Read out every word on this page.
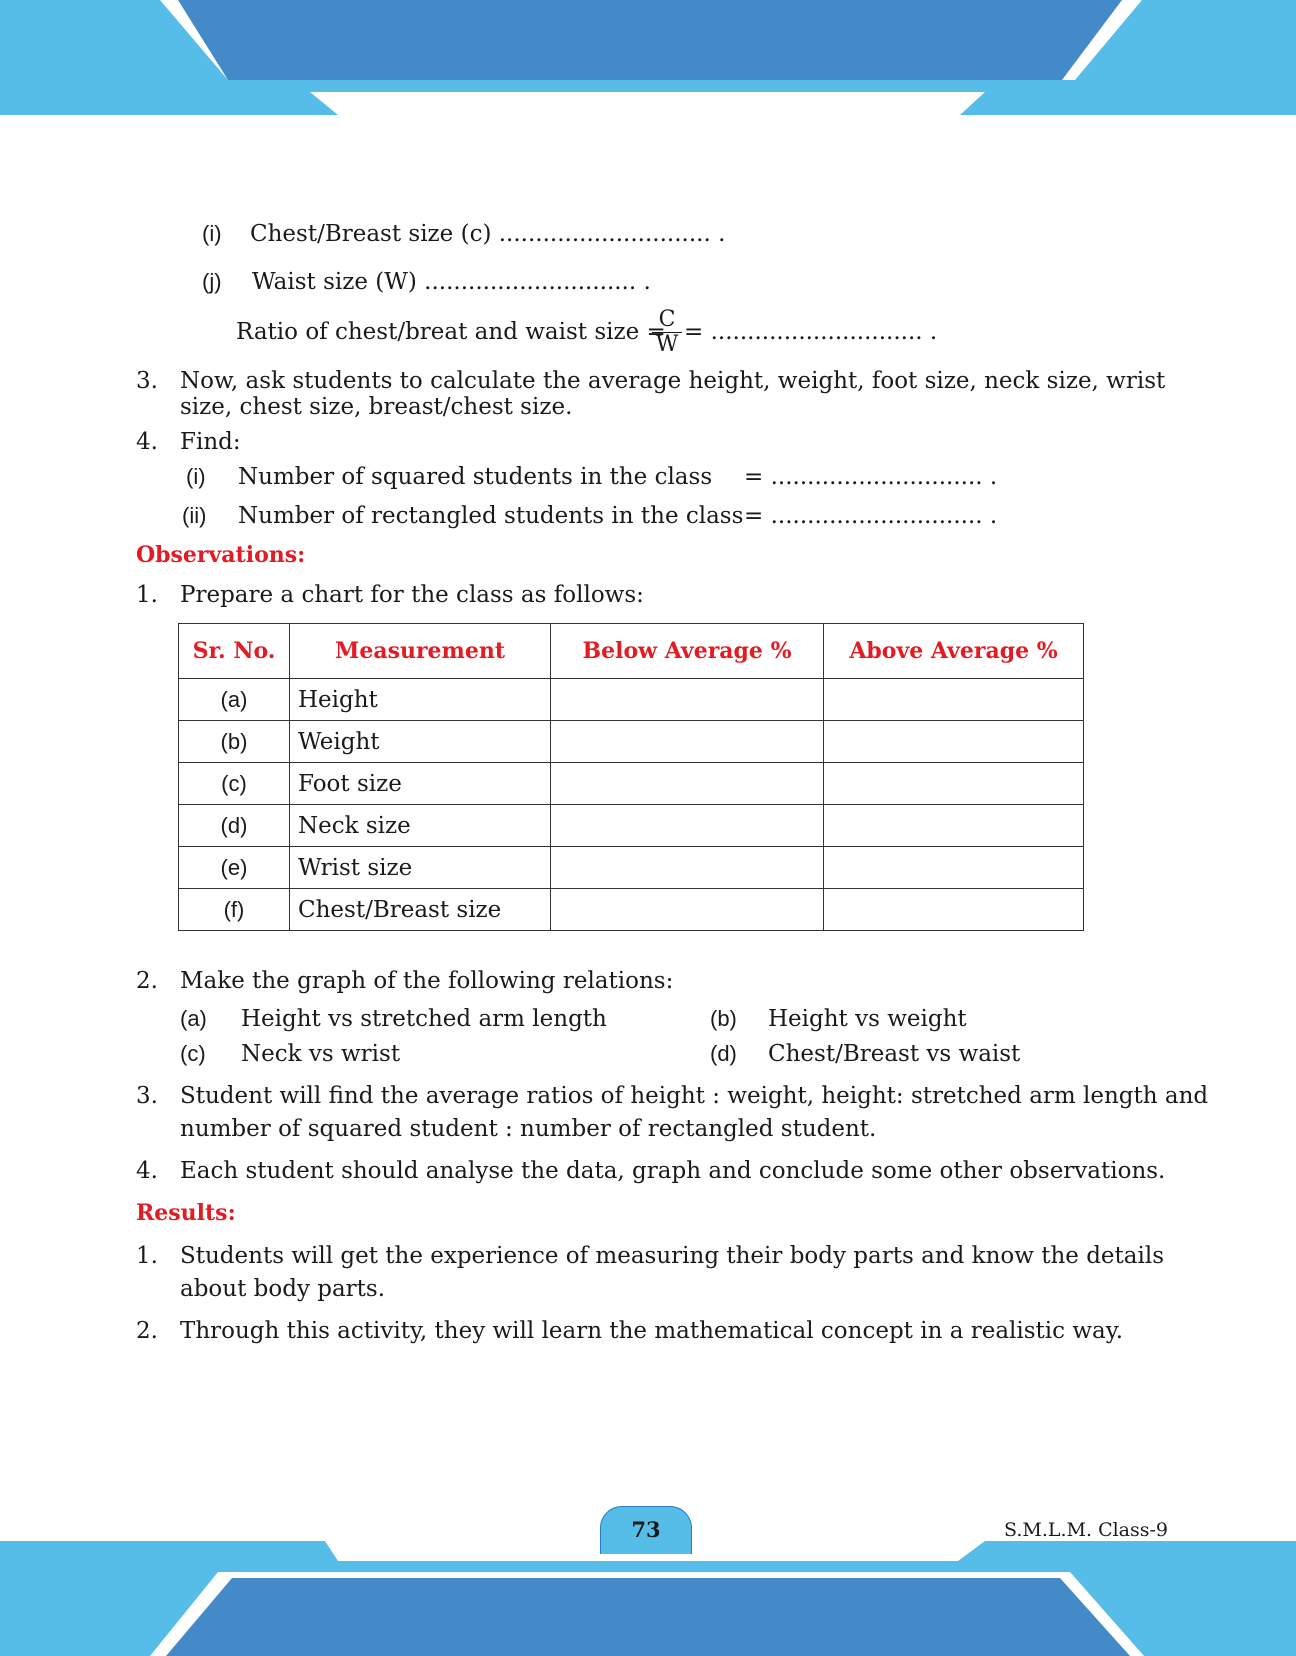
(i) Chest/Breast size (c) ............................. .
(j) Waist size (W) ............................. .
Ratio of chest/breat and waist size =
C
W = ............................. .
3. Now, ask students to calculate the average height, weight, foot size, neck size, wrist
size, chest size, breast/chest size.
4. Find:
(i) Number of squared students in the class = ............................. .
(ii) Number of rectangled students in the class = ............................. .
Observations:
1. Prepare a chart for the class as follows:
Sr. No.	Measurement	Below Average %	Above Average %
(a)	Height		
(b)	Weight		
(c)	Foot size		
(d)	Neck size		
(e)	Wrist size		
(f)	Chest/Breast size		
2. Make the graph of the following relations:
(a) Height vs stretched arm length	(b) Height vs weight
(c) Neck vs wrist	(d) Chest/Breast vs waist
3. Student will find the average ratios of height : weight, height: stretched arm length and
number of squared student : number of rectangled student.
4. Each student should analyse the data, graph and conclude some other observations.
Results:
1. Students will get the experience of measuring their body parts and know the details
about body parts.
2. Through this activity, they will learn the mathematical concept in a realistic way.
73	S.M.L.M. Class-9
